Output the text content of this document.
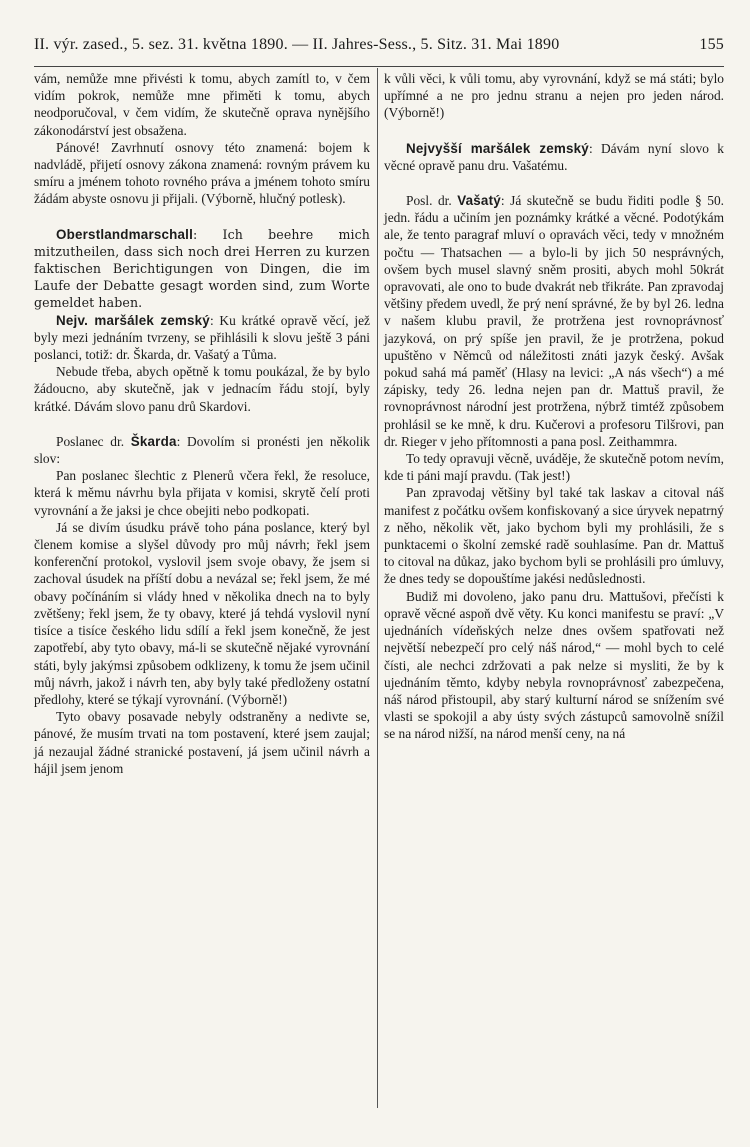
II. výr. zased., 5. sez. 31. května 1890. — II. Jahres-Sess., 5. Sitz. 31. Mai 1890	155

vám, nemůže mne přivésti k tomu, abych zamítl to, v čem vidím pokrok, nemůže mne přiměti k tomu, abych neodporučoval, v čem vidím, že skutečně oprava nynějšího zákonodárství jest obsažena.

Pánové! Zavrhnutí osnovy této znamená: bojem k nadvládě, přijetí osnovy zákona znamená: rovným právem ku smíru a jménem tohoto rovného práva a jménem tohoto smíru žádám abyste osnovu ji přijali. (Výborně, hlučný potlesk).

Oberstlandmarschall: Ich beehre mich mitzutheilen, dass sich noch drei Herren zu kurzen faktischen Berichtigungen von Dingen, die im Laufe der Debatte gesagt worden sind, zum Worte gemeldet haben.

Nejv. maršálek zemský: Ku krátké opravě věcí, jež byly mezi jednáním tvrzeny, se přihlásili k slovu ještě 3 páni poslanci, totiž: dr. Škarda, dr. Vašatý a Tůma.

Nebude třeba, abych opětně k tomu poukázal, že by bylo žádoucno, aby skutečně, jak v jednacím řádu stojí, byly krátké. Dávám slovo panu drů Skardovi.

Poslanec dr. Škarda: Dovolím si pronésti jen několik slov:

Pan poslanec šlechtic z Plenerů včera řekl, že resoluce, která k měmu návrhu byla přijata v komisi, skrytě čelí proti vyrovnání a že jaksi je chce obejiti nebo podkopati.

Já se divím úsudku právě toho pána poslance, který byl členem komise a slyšel důvody pro můj návrh; řekl jsem konferenční protokol, vyslovil jsem svoje obavy, že jsem si zachoval úsudek na příští dobu a nevázal se; řekl jsem, že mé obavy počínáním si vlády hned v několika dnech na to byly zvětšeny; řekl jsem, že ty obavy, které já tehdá vyslovil nyní tisíce a tisíce českého lidu sdílí a řekl jsem konečně, že jest zapotřebí, aby tyto obavy, má-li se skutečně nějaké vyrovnání státi, byly jakýmsi způsobem odklizeny, k tomu že jsem učinil můj návrh, jakož i návrh ten, aby byly také předloženy ostatní předlohy, které se týkají vyrovnání. (Výborně!)

Tyto obavy posavade nebyly odstraněny a nedivte se, pánové, že musím trvati na tom postavení, které jsem zaujal; já nezaujal žádné stranické postavení, já jsem učinil návrh a hájil jsem jenom

k vůli věci, k vůli tomu, aby vyrovnání, když se má státi; bylo upřímné a ne pro jednu stranu a nejen pro jeden národ. (Výborně!)

Nejvyšší maršálek zemský: Dávám nyní slovo k věcné opravě panu dru. Vašatému.

Posl. dr. Vašatý: Já skutečně se budu řiditi podle § 50. jedn. řádu a učiním jen poznámky krátké a věcné. Podotýkám ale, že tento paragraf mluví o opravách věci, tedy v množném počtu — Thatsachen — a bylo-li by jich 50 nesprávných, ovšem bych musel slavný sněm prositi, abych mohl 50krát opravovati, ale ono to bude dvakrát neb třikráte. Pan zpravodaj většiny předem uvedl, že prý není správné, že by byl 26. ledna v našem klubu pravil, že protržena jest rovnoprávnosť jazyková, on prý spíše jen pravil, že je protržena, pokud upuštěno v Němců od náležitosti znáti jazyk český. Avšak pokud sahá má paměť (Hlasy na levici: „A nás všech“) a mé zápisky, tedy 26. ledna nejen pan dr. Mattuš pravil, že rovnoprávnost národní jest protržena, nýbrž timtéž způsobem prohlásil se ke mně, k dru. Kučerovi a profesoru Tilšrovi, pan dr. Rieger v jeho přítomnosti a pana posl. Zeithammra.

To tedy opravuji věcně, uváděje, že skutečně potom nevím, kde ti páni mají pravdu. (Tak jest!)

Pan zpravodaj většiny byl také tak laskav a citoval náš manifest z počátku ovšem konfiskovaný a sice úryvek nepatrný z něho, několik vět, jako bychom byli my prohlásili, že s punktacemi o školní zemské radě souhlasíme. Pan dr. Mattuš to citoval na důkaz, jako bychom byli se prohlásili pro úmluvy, že dnes tedy se dopouštíme jakési nedůslednosti.

Budiž mi dovoleno, jako panu dru. Mattušovi, přečísti k opravě věcné aspoň dvě věty. Ku konci manifestu se praví: „V ujednáních vídeňských nelze dnes ovšem spatřovati než největší nebezpečí pro celý náš národ,“ — mohl bych to celé čísti, ale nechci zdržovati a pak nelze si mysliti, že by k ujednáním těmto, kdyby nebyla rovnoprávnosť zabezpečena, náš národ přistoupil, aby starý kulturní národ se snížením své vlasti se spokojil a aby ústy svých zástupců samovolně snížil se na národ nižší, na národ menší ceny, na ná
